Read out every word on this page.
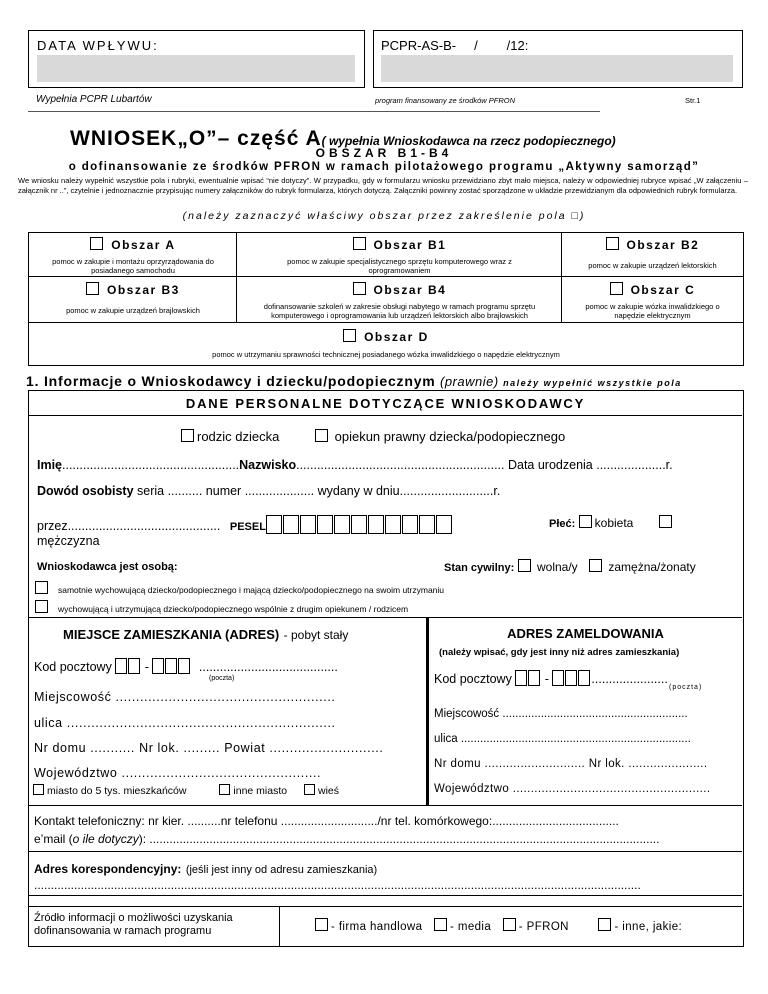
DATA WPŁYWU:	PCPR-AS-B-     /        /12:
Wypełnia PCPR Lubartów	program finansowany ze środków PFRON	Str.1
WNIOSEK„O”– część A( wypełnia Wnioskodawca na rzecz podopiecznego)
OBSZAR B1-B4
o dofinansowanie ze środków PFRON w ramach pilotażowego programu „Aktywny samorząd”
We wniosku należy wypełnić wszystkie pola i rubryki, ewentualnie wpisać “nie dotyczy”. W przypadku, gdy w formularzu wniosku przewidziano zbyt mało miejsca, należy w odpowiedniej rubryce wpisać „W załączeniu – załącznik nr ..”, czytelnie i jednoznacznie przypisując numery załączników do rubryk formularza, których dotyczą. Załączniki powinny zostać sporządzone w układzie przewidzianym dla odpowiednich rubryk formularza.
(należy zaznaczyć właściwy obszar przez zakreślenie pola □)
Obszar A
pomoc w zakupie i montażu oprzyrządowania do posiadanego samochodu
Obszar B1
pomoc w zakupie specjalistycznego sprzętu komputerowego wraz z oprogramowaniem
Obszar B2
pomoc w zakupie urządzeń lektorskich
Obszar B3
pomoc w zakupie urządzeń brajlowskich
Obszar B4
dofinansowanie szkoleń w zakresie obsługi nabytego w ramach programu sprzętu komputerowego i oprogramowania lub urządzeń lektorskich albo brajlowskich
Obszar C
pomoc w zakupie wózka inwalidzkiego o napędzie elektrycznym
Obszar D
pomoc w utrzymaniu sprawności technicznej posiadanego wózka inwalidzkiego o napędzie elektrycznym
1. Informacje o Wnioskodawcy i dziecku/podopiecznym (prawnie) należy wypełnić wszystkie pola
DANE PERSONALNE DOTYCZĄCE WNIOSKODAWCY
rodzic dziecka	opiekun prawny dziecka/podopiecznego
Imię...................................................Nazwisko............................................................ Data urodzenia ....................r.
Dowód osobisty seria .......... numer .................... wydany w dniu...........................r.
przez............................................ PESEL	Płeć: kobieta
mężczyzna
Wnioskodawca jest osobą:	Stan cywilny: wolna/y	zamężna/żonaty
samotnie wychowującą dziecko/podopiecznego i mającą dziecko/podopiecznego na swoim utrzymaniu
wychowującą i utrzymującą dziecko/podopiecznego wspólnie z drugim opiekunem / rodzicem
MIEJSCE ZAMIESZKANIA (ADRES) - pobyt stały
Kod pocztowy  -	........................................
(poczta)
Miejscowość ......................................................
ulica ..................................................................
Nr domu ........... Nr lok. ......... Powiat ............................
Województwo .................................................
miasto do 5 tys. mieszkańców	inne miasto	wieś
ADRES ZAMELDOWANIA
(należy wpisać, gdy jest inny niż adres zamieszkania)
Kod pocztowy  -	......................
(poczta)
Miejscowość ..........................................................
ulica ........................................................................
Nr domu ............................ Nr lok. ......................
Województwo .......................................................
Kontakt telefoniczny: nr kier. ..........nr telefonu ............................./nr tel. komórkowego:......................................
e’mail (o ile dotyczy): .........................................................................................................................................................
Adres korespondencyjny: (jeśli jest inny od adresu zamieszkania)
......................................................................................................................................................................................
Źródło informacji o możliwości uzyskania dofinansowania w ramach programu	- firma handlowa - media - PFRON	- inne, jakie:
